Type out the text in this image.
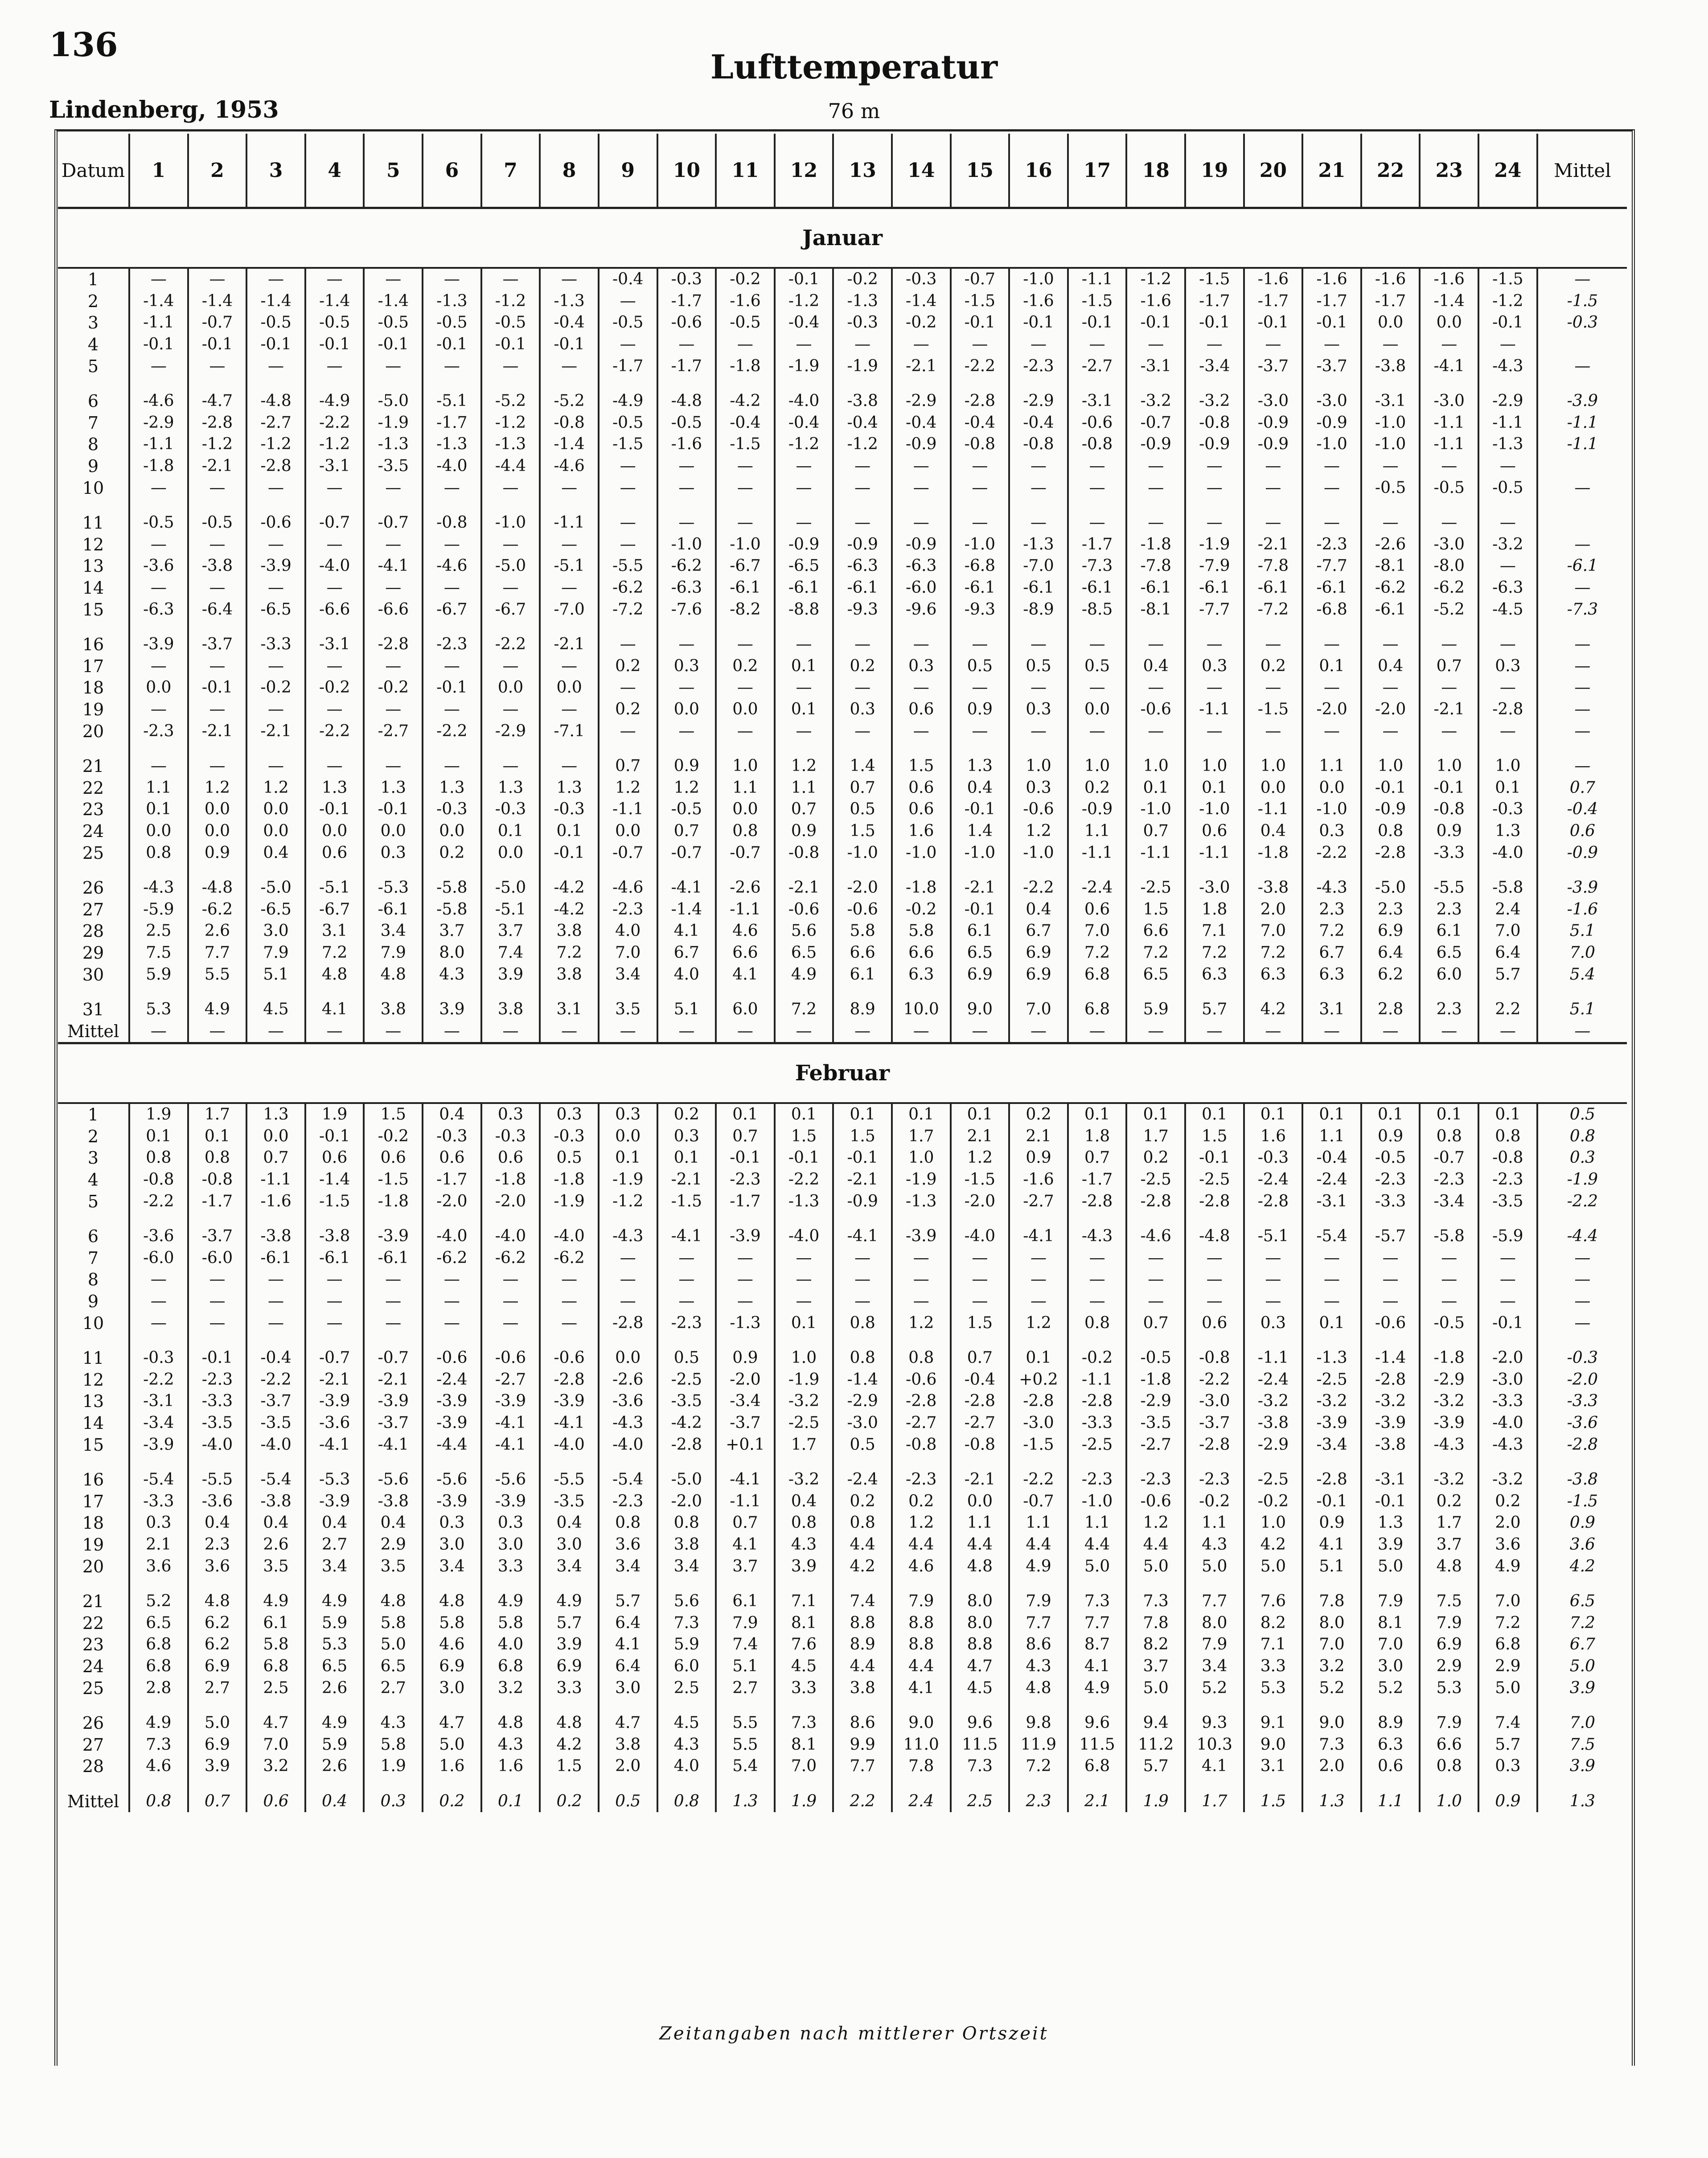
136
Lufttemperatur
Lindenberg, 1953	76 m
Datum	1	2	3	4	5	6	7	8	9	10	11	12	13	14	15	16	17	18	19	20	21	22	23	24	Mittel
Januar																									
1	—	—	—	—	—	—	—	—	-0.4	-0.3	-0.2	-0.1	-0.2	-0.3	-0.7	-1.0	-1.1	-1.2	-1.5	-1.6	-1.6	-1.6	-1.6	-1.5	—
2	-1.4	-1.4	-1.4	-1.4	-1.4	-1.3	-1.2	-1.3	—	-1.7	-1.6	-1.2	-1.3	-1.4	-1.5	-1.6	-1.5	-1.6	-1.7	-1.7	-1.7	-1.7	-1.4	-1.2	-1.5
3	-1.1	-0.7	-0.5	-0.5	-0.5	-0.5	-0.5	-0.4	-0.5	-0.6	-0.5	-0.4	-0.3	-0.2	-0.1	-0.1	-0.1	-0.1	-0.1	-0.1	-0.1	0.0	0.0	-0.1	-0.3
4	-0.1	-0.1	-0.1	-0.1	-0.1	-0.1	-0.1	-0.1	—	—	—	—	—	—	—	—	—	—	—	—	—	—	—	—	
5	—	—	—	—	—	—	—	—	-1.7	-1.7	-1.8	-1.9	-1.9	-2.1	-2.2	-2.3	-2.7	-3.1	-3.4	-3.7	-3.7	-3.8	-4.1	-4.3	—

6	-4.6	-4.7	-4.8	-4.9	-5.0	-5.1	-5.2	-5.2	-4.9	-4.8	-4.2	-4.0	-3.8	-2.9	-2.8	-2.9	-3.1	-3.2	-3.2	-3.0	-3.0	-3.1	-3.0	-2.9	-3.9
7	-2.9	-2.8	-2.7	-2.2	-1.9	-1.7	-1.2	-0.8	-0.5	-0.5	-0.4	-0.4	-0.4	-0.4	-0.4	-0.4	-0.6	-0.7	-0.8	-0.9	-0.9	-1.0	-1.1	-1.1	-1.1
8	-1.1	-1.2	-1.2	-1.2	-1.3	-1.3	-1.3	-1.4	-1.5	-1.6	-1.5	-1.2	-1.2	-0.9	-0.8	-0.8	-0.8	-0.9	-0.9	-0.9	-1.0	-1.0	-1.1	-1.3	-1.1
9	-1.8	-2.1	-2.8	-3.1	-3.5	-4.0	-4.4	-4.6	—	—	—	—	—	—	—	—	—	—	—	—	—	—	—	—	
10	—	—	—	—	—	—	—	—	—	—	—	—	—	—	—	—	—	—	—	—	—	-0.5	-0.5	-0.5	—

11	-0.5	-0.5	-0.6	-0.7	-0.7	-0.8	-1.0	-1.1	—	—	—	—	—	—	—	—	—	—	—	—	—	—	—	—	
12	—	—	—	—	—	—	—	—	—	-1.0	-1.0	-0.9	-0.9	-0.9	-1.0	-1.3	-1.7	-1.8	-1.9	-2.1	-2.3	-2.6	-3.0	-3.2	—
13	-3.6	-3.8	-3.9	-4.0	-4.1	-4.6	-5.0	-5.1	-5.5	-6.2	-6.7	-6.5	-6.3	-6.3	-6.8	-7.0	-7.3	-7.8	-7.9	-7.8	-7.7	-8.1	-8.0	—	-6.1
14	—	—	—	—	—	—	—	—	-6.2	-6.3	-6.1	-6.1	-6.1	-6.0	-6.1	-6.1	-6.1	-6.1	-6.1	-6.1	-6.1	-6.2	-6.2	-6.3	—
15	-6.3	-6.4	-6.5	-6.6	-6.6	-6.7	-6.7	-7.0	-7.2	-7.6	-8.2	-8.8	-9.3	-9.6	-9.3	-8.9	-8.5	-8.1	-7.7	-7.2	-6.8	-6.1	-5.2	-4.5	-7.3

16	-3.9	-3.7	-3.3	-3.1	-2.8	-2.3	-2.2	-2.1	—	—	—	—	—	—	—	—	—	—	—	—	—	—	—	—	—
17	—	—	—	—	—	—	—	—	0.2	0.3	0.2	0.1	0.2	0.3	0.5	0.5	0.5	0.4	0.3	0.2	0.1	0.4	0.7	0.3	—
18	0.0	-0.1	-0.2	-0.2	-0.2	-0.1	0.0	0.0	—	—	—	—	—	—	—	—	—	—	—	—	—	—	—	—	—
19	—	—	—	—	—	—	—	—	0.2	0.0	0.0	0.1	0.3	0.6	0.9	0.3	0.0	-0.6	-1.1	-1.5	-2.0	-2.0	-2.1	-2.8	—
20	-2.3	-2.1	-2.1	-2.2	-2.7	-2.2	-2.9	-7.1	—	—	—	—	—	—	—	—	—	—	—	—	—	—	—	—	—

21	—	—	—	—	—	—	—	—	0.7	0.9	1.0	1.2	1.4	1.5	1.3	1.0	1.0	1.0	1.0	1.0	1.1	1.0	1.0	1.0	—
22	1.1	1.2	1.2	1.3	1.3	1.3	1.3	1.3	1.2	1.2	1.1	1.1	0.7	0.6	0.4	0.3	0.2	0.1	0.1	0.0	0.0	-0.1	-0.1	0.1	0.7
23	0.1	0.0	0.0	-0.1	-0.1	-0.3	-0.3	-0.3	-1.1	-0.5	0.0	0.7	0.5	0.6	-0.1	-0.6	-0.9	-1.0	-1.0	-1.1	-1.0	-0.9	-0.8	-0.3	-0.4
24	0.0	0.0	0.0	0.0	0.0	0.0	0.1	0.1	0.0	0.7	0.8	0.9	1.5	1.6	1.4	1.2	1.1	0.7	0.6	0.4	0.3	0.8	0.9	1.3	0.6
25	0.8	0.9	0.4	0.6	0.3	0.2	0.0	-0.1	-0.7	-0.7	-0.7	-0.8	-1.0	-1.0	-1.0	-1.0	-1.1	-1.1	-1.1	-1.8	-2.2	-2.8	-3.3	-4.0	-0.9

26	-4.3	-4.8	-5.0	-5.1	-5.3	-5.8	-5.0	-4.2	-4.6	-4.1	-2.6	-2.1	-2.0	-1.8	-2.1	-2.2	-2.4	-2.5	-3.0	-3.8	-4.3	-5.0	-5.5	-5.8	-3.9
27	-5.9	-6.2	-6.5	-6.7	-6.1	-5.8	-5.1	-4.2	-2.3	-1.4	-1.1	-0.6	-0.6	-0.2	-0.1	0.4	0.6	1.5	1.8	2.0	2.3	2.3	2.3	2.4	-1.6
28	2.5	2.6	3.0	3.1	3.4	3.7	3.7	3.8	4.0	4.1	4.6	5.6	5.8	5.8	6.1	6.7	7.0	6.6	7.1	7.0	7.2	6.9	6.1	7.0	5.1
29	7.5	7.7	7.9	7.2	7.9	8.0	7.4	7.2	7.0	6.7	6.6	6.5	6.6	6.6	6.5	6.9	7.2	7.2	7.2	7.2	6.7	6.4	6.5	6.4	7.0
30	5.9	5.5	5.1	4.8	4.8	4.3	3.9	3.8	3.4	4.0	4.1	4.9	6.1	6.3	6.9	6.9	6.8	6.5	6.3	6.3	6.3	6.2	6.0	5.7	5.4

31	5.3	4.9	4.5	4.1	3.8	3.9	3.8	3.1	3.5	5.1	6.0	7.2	8.9	10.0	9.0	7.0	6.8	5.9	5.7	4.2	3.1	2.8	2.3	2.2	5.1
Mittel	—	—	—	—	—	—	—	—	—	—	—	—	—	—	—	—	—	—	—	—	—	—	—	—	—
Februar																									
1	1.9	1.7	1.3	1.9	1.5	0.4	0.3	0.3	0.3	0.2	0.1	0.1	0.1	0.1	0.1	0.2	0.1	0.1	0.1	0.1	0.1	0.1	0.1	0.1	0.5
2	0.1	0.1	0.0	-0.1	-0.2	-0.3	-0.3	-0.3	0.0	0.3	0.7	1.5	1.5	1.7	2.1	2.1	1.8	1.7	1.5	1.6	1.1	0.9	0.8	0.8	0.8
3	0.8	0.8	0.7	0.6	0.6	0.6	0.6	0.5	0.1	0.1	-0.1	-0.1	-0.1	1.0	1.2	0.9	0.7	0.2	-0.1	-0.3	-0.4	-0.5	-0.7	-0.8	0.3
4	-0.8	-0.8	-1.1	-1.4	-1.5	-1.7	-1.8	-1.8	-1.9	-2.1	-2.3	-2.2	-2.1	-1.9	-1.5	-1.6	-1.7	-2.5	-2.5	-2.4	-2.4	-2.3	-2.3	-2.3	-1.9
5	-2.2	-1.7	-1.6	-1.5	-1.8	-2.0	-2.0	-1.9	-1.2	-1.5	-1.7	-1.3	-0.9	-1.3	-2.0	-2.7	-2.8	-2.8	-2.8	-2.8	-3.1	-3.3	-3.4	-3.5	-2.2

6	-3.6	-3.7	-3.8	-3.8	-3.9	-4.0	-4.0	-4.0	-4.3	-4.1	-3.9	-4.0	-4.1	-3.9	-4.0	-4.1	-4.3	-4.6	-4.8	-5.1	-5.4	-5.7	-5.8	-5.9	-4.4
7	-6.0	-6.0	-6.1	-6.1	-6.1	-6.2	-6.2	-6.2	—	—	—	—	—	—	—	—	—	—	—	—	—	—	—	—	—
8	—	—	—	—	—	—	—	—	—	—	—	—	—	—	—	—	—	—	—	—	—	—	—	—	—
9	—	—	—	—	—	—	—	—	—	—	—	—	—	—	—	—	—	—	—	—	—	—	—	—	—
10	—	—	—	—	—	—	—	—	-2.8	-2.3	-1.3	0.1	0.8	1.2	1.5	1.2	0.8	0.7	0.6	0.3	0.1	-0.6	-0.5	-0.1	—

11	-0.3	-0.1	-0.4	-0.7	-0.7	-0.6	-0.6	-0.6	0.0	0.5	0.9	1.0	0.8	0.8	0.7	0.1	-0.2	-0.5	-0.8	-1.1	-1.3	-1.4	-1.8	-2.0	-0.3
12	-2.2	-2.3	-2.2	-2.1	-2.1	-2.4	-2.7	-2.8	-2.6	-2.5	-2.0	-1.9	-1.4	-0.6	-0.4	+0.2	-1.1	-1.8	-2.2	-2.4	-2.5	-2.8	-2.9	-3.0	-2.0
13	-3.1	-3.3	-3.7	-3.9	-3.9	-3.9	-3.9	-3.9	-3.6	-3.5	-3.4	-3.2	-2.9	-2.8	-2.8	-2.8	-2.8	-2.9	-3.0	-3.2	-3.2	-3.2	-3.2	-3.3	-3.3
14	-3.4	-3.5	-3.5	-3.6	-3.7	-3.9	-4.1	-4.1	-4.3	-4.2	-3.7	-2.5	-3.0	-2.7	-2.7	-3.0	-3.3	-3.5	-3.7	-3.8	-3.9	-3.9	-3.9	-4.0	-3.6
15	-3.9	-4.0	-4.0	-4.1	-4.1	-4.4	-4.1	-4.0	-4.0	-2.8	+0.1	1.7	0.5	-0.8	-0.8	-1.5	-2.5	-2.7	-2.8	-2.9	-3.4	-3.8	-4.3	-4.3	-2.8

16	-5.4	-5.5	-5.4	-5.3	-5.6	-5.6	-5.6	-5.5	-5.4	-5.0	-4.1	-3.2	-2.4	-2.3	-2.1	-2.2	-2.3	-2.3	-2.3	-2.5	-2.8	-3.1	-3.2	-3.2	-3.8
17	-3.3	-3.6	-3.8	-3.9	-3.8	-3.9	-3.9	-3.5	-2.3	-2.0	-1.1	0.4	0.2	0.2	0.0	-0.7	-1.0	-0.6	-0.2	-0.2	-0.1	-0.1	0.2	0.2	-1.5
18	0.3	0.4	0.4	0.4	0.4	0.3	0.3	0.4	0.8	0.8	0.7	0.8	0.8	1.2	1.1	1.1	1.1	1.2	1.1	1.0	0.9	1.3	1.7	2.0	0.9
19	2.1	2.3	2.6	2.7	2.9	3.0	3.0	3.0	3.6	3.8	4.1	4.3	4.4	4.4	4.4	4.4	4.4	4.4	4.3	4.2	4.1	3.9	3.7	3.6	3.6
20	3.6	3.6	3.5	3.4	3.5	3.4	3.3	3.4	3.4	3.4	3.7	3.9	4.2	4.6	4.8	4.9	5.0	5.0	5.0	5.0	5.1	5.0	4.8	4.9	4.2

21	5.2	4.8	4.9	4.9	4.8	4.8	4.9	4.9	5.7	5.6	6.1	7.1	7.4	7.9	8.0	7.9	7.3	7.3	7.7	7.6	7.8	7.9	7.5	7.0	6.5
22	6.5	6.2	6.1	5.9	5.8	5.8	5.8	5.7	6.4	7.3	7.9	8.1	8.8	8.8	8.0	7.7	7.7	7.8	8.0	8.2	8.0	8.1	7.9	7.2	7.2
23	6.8	6.2	5.8	5.3	5.0	4.6	4.0	3.9	4.1	5.9	7.4	7.6	8.9	8.8	8.8	8.6	8.7	8.2	7.9	7.1	7.0	7.0	6.9	6.8	6.7
24	6.8	6.9	6.8	6.5	6.5	6.9	6.8	6.9	6.4	6.0	5.1	4.5	4.4	4.4	4.7	4.3	4.1	3.7	3.4	3.3	3.2	3.0	2.9	2.9	5.0
25	2.8	2.7	2.5	2.6	2.7	3.0	3.2	3.3	3.0	2.5	2.7	3.3	3.8	4.1	4.5	4.8	4.9	5.0	5.2	5.3	5.2	5.2	5.3	5.0	3.9

26	4.9	5.0	4.7	4.9	4.3	4.7	4.8	4.8	4.7	4.5	5.5	7.3	8.6	9.0	9.6	9.8	9.6	9.4	9.3	9.1	9.0	8.9	7.9	7.4	7.0
27	7.3	6.9	7.0	5.9	5.8	5.0	4.3	4.2	3.8	4.3	5.5	8.1	9.9	11.0	11.5	11.9	11.5	11.2	10.3	9.0	7.3	6.3	6.6	5.7	7.5
28	4.6	3.9	3.2	2.6	1.9	1.6	1.6	1.5	2.0	4.0	5.4	7.0	7.7	7.8	7.3	7.2	6.8	5.7	4.1	3.1	2.0	0.6	0.8	0.3	3.9

Mittel	0.8	0.7	0.6	0.4	0.3	0.2	0.1	0.2	0.5	0.8	1.3	1.9	2.2	2.4	2.5	2.3	2.1	1.9	1.7	1.5	1.3	1.1	1.0	0.9	1.3
Zeitangaben nach mittlerer Ortszeit
